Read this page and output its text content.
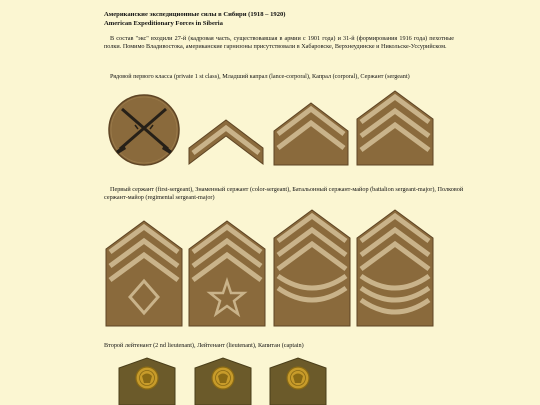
Американские экспедиционные силы в Сибири (1918 – 1920)
American Expeditionary Forces in Siberia

В состав "экс" входили 27-й (кадровая часть, существовавшая в армии с 1901 года) и 31-й (формирования 1916 года) пехотные полки. Помимо Владивостока, американские гарнизоны присутствовали в Хабаровске, Верхнеудинске и Никольске-Уссурийском.

Рядовой первого класса (private 1 st class), Младший капрал (lance-corporal), Капрал (corporal), Сержант (sergeant)

Первый сержант (first-sergeant), Знаменный сержант (color-sergeant), Батальонный сержант-майор (battalion sergeant-major), Полковой сержант-майор (regimental sergeant-major)

Второй лейтенант (2 nd lieutenant), Лейтенант (lieutenant), Капитан (captain)
